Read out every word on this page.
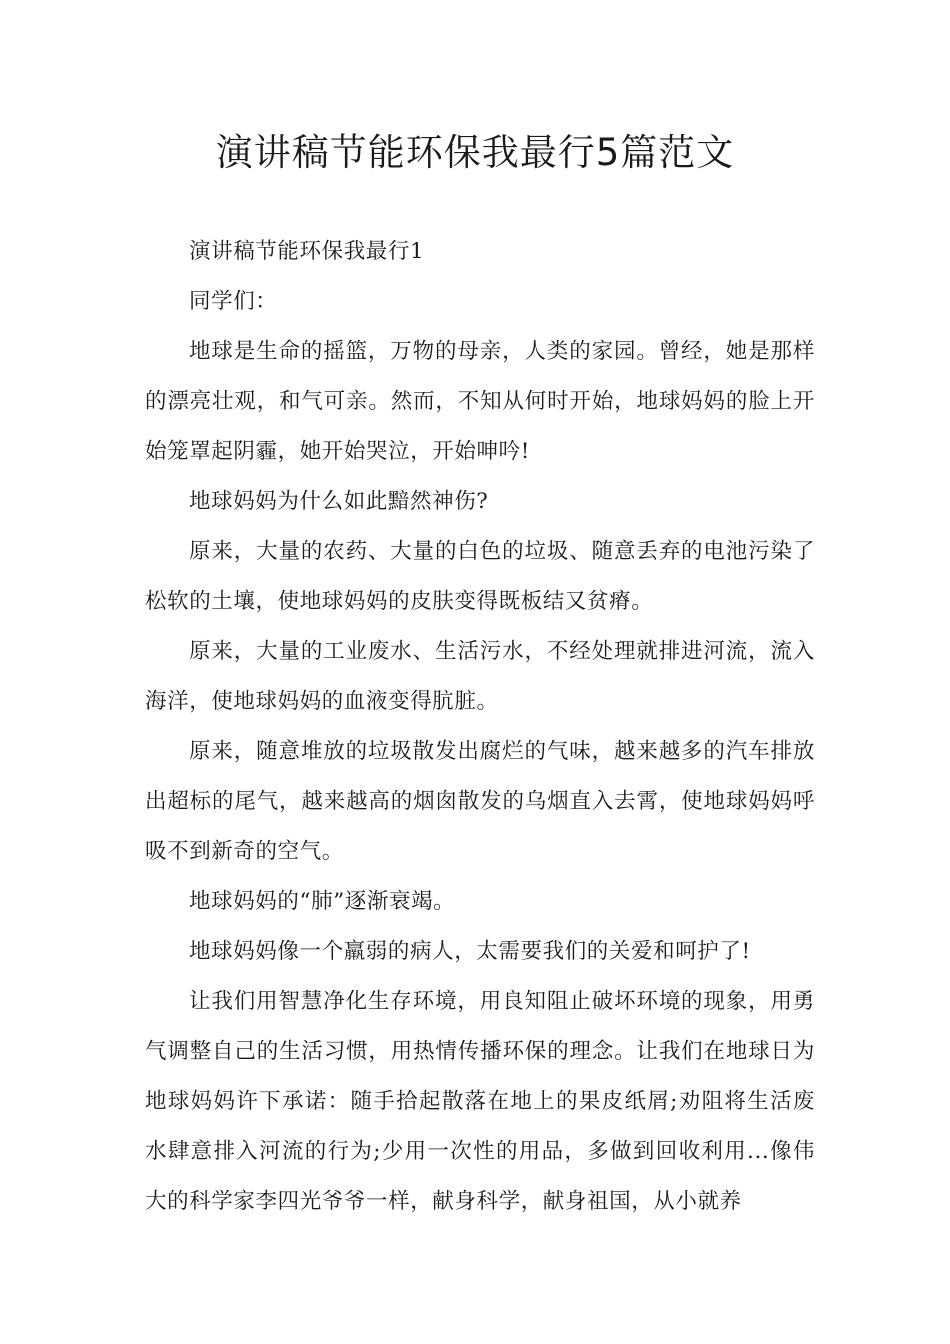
演讲稿节能环保我最行5篇范文

演讲稿节能环保我最行1

同学们：

地球是生命的摇篮，万物的母亲，人类的家园。曾经，她是那样的漂亮壮观，和气可亲。然而，不知从何时开始，地球妈妈的脸上开始笼罩起阴霾，她开始哭泣，开始呻吟!

地球妈妈为什么如此黯然神伤?

原来，大量的农药、大量的白色的垃圾、随意丢弃的电池污染了松软的土壤，使地球妈妈的皮肤变得既板结又贫瘠。

原来，大量的工业废水、生活污水，不经处理就排进河流，流入海洋，使地球妈妈的血液变得肮脏。

原来，随意堆放的垃圾散发出腐烂的气味，越来越多的汽车排放出超标的尾气，越来越高的烟囱散发的乌烟直入去霄，使地球妈妈呼吸不到新奇的空气。

地球妈妈的“肺”逐渐衰竭。

地球妈妈像一个羸弱的病人，太需要我们的关爱和呵护了!

让我们用智慧净化生存环境，用良知阻止破坏环境的现象，用勇气调整自己的生活习惯，用热情传播环保的理念。让我们在地球日为地球妈妈许下承诺：随手拾起散落在地上的果皮纸屑;劝阻将生活废水肆意排入河流的行为;少用一次性的用品，多做到回收利用...像伟大的科学家李四光爷爷一样，献身科学，献身祖国，从小就养
